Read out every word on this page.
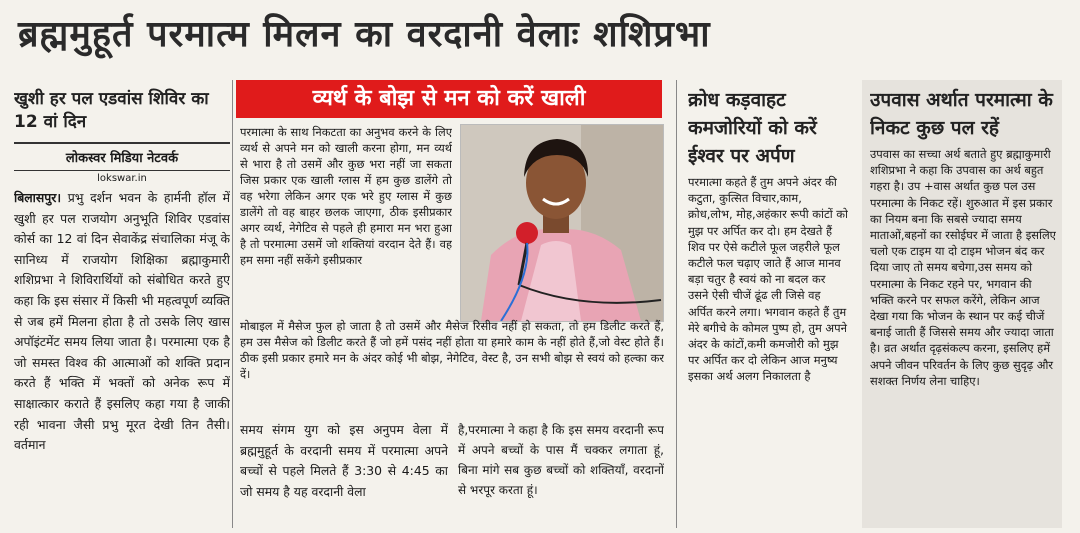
ब्रह्ममुहूर्त परमात्म मिलन का वरदानी वेलाः शशिप्रभा

खुशी हर पल एडवांस शिविर का 12 वां दिन

लोकस्वर मिडिया नेटवर्क

lokswar.in

बिलासपुर। प्रभु दर्शन भवन के हार्मनी हॉल में खुशी हर पल राजयोग अनुभूति शिविर एडवांस कोर्स का 12 वां दिन सेवाकेंद्र संचालिका मंजू के सानिध्य में राजयोग शिक्षिका ब्रह्माकुमारी शशिप्रभा ने शिविरार्थियों को संबोधित करते हुए कहा कि इस संसार में किसी भी महत्वपूर्ण व्यक्ति से जब हमें मिलना होता है तो उसके लिए खास अपॉइंटमेंट समय लिया जाता है। परमात्मा एक है जो समस्त विश्व की आत्माओं को शक्ति प्रदान करते हैं भक्ति में भक्तों को अनेक रूप में साक्षात्कार कराते हैं इसलिए कहा गया है जाकी रही भावना जैसी प्रभु मूरत देखी तिन तैसी। वर्तमान

व्यर्थ के बोझ से मन को करें खाली

परमात्मा के साथ निकटता का अनुभव करने के लिए व्यर्थ से अपने मन को खाली करना होगा, मन व्यर्थ से भारा है तो उसमें और कुछ भरा नहीं जा सकता जिस प्रकार एक खाली ग्लास में हम कुछ डालेंगे तो वह भरेगा लेकिन अगर एक भरे हुए ग्लास में कुछ डालेंगे तो वह बाहर छलक जाएगा, ठीक इसीप्रकार अगर व्यर्थ, नेगेटिव से पहले ही हमारा मन भरा हुआ है तो परमात्मा उसमें जो शक्तियां वरदान देते हैं। वह हम समा नहीं सकेंगे इसीप्रकार

मोबाइल में मैसेज फुल हो जाता है तो उसमें और मैसेज रिसीव नहीं हो सकता, तो हम डिलीट करते हैं, हम उस मैसेज को डिलीट करते हैं जो हमें पसंद नहीं होता या हमारे काम के नहीं होते हैं,जो वेस्ट होते हैं। ठीक इसी प्रकार हमारे मन के अंदर कोई भी बोझ, नेगेटिव, वेस्ट है, उन सभी बोझ से स्वयं को हल्का कर दें।

समय संगम युग को इस अनुपम वेला में ब्रह्ममुहूर्त के वरदानी समय में परमात्मा अपने बच्चों से पहले मिलते हैं 3:30 से 4:45 का जो समय है यह वरदानी वेला

है,परमात्मा ने कहा है कि इस समय वरदानी रूप में अपने बच्चों के पास मैं चक्कर लगाता हूं, बिना मांगे सब कुछ बच्चों को शक्तियाँ, वरदानों से भरपूर करता हूं।

क्रोध कड़वाहट कमजोरियों को करें ईश्वर पर अर्पण

परमात्मा कहते हैं तुम अपने अंदर की कटुता, कुत्सित विचार,काम, क्रोध,लोभ, मोह,अहंकार रूपी कांटों को मुझ पर अर्पित कर दो। हम देखते हैं शिव पर ऐसे कटीले फूल जहरीले फूल कटीले फल चढ़ाए जाते हैं आज मानव बड़ा चतुर है स्वयं को ना बदल कर उसने ऐसी चीजें ढूंढ ली जिसे वह अर्पित करने लगा। भगवान कहते हैं तुम मेरे बगीचे के कोमल पुष्प हो, तुम अपने अंदर के कांटों,कमी कमजोरी को मुझ पर अर्पित कर दो लेकिन आज मनुष्य इसका अर्थ अलग निकालता है

उपवास अर्थात परमात्मा के निकट कुछ पल रहें

उपवास का सच्चा अर्थ बताते हुए ब्रह्माकुमारी शशिप्रभा ने कहा कि उपवास का अर्थ बहुत गहरा है। उप +वास अर्थात कुछ पल उस परमात्मा के निकट रहें। शुरुआत में इस प्रकार का नियम बना कि सबसे ज्यादा समय माताओं,बहनों का रसोईघर में जाता है इसलिए चलो एक टाइम या दो टाइम भोजन बंद कर दिया जाए तो समय बचेगा,उस समय को परमात्मा के निकट रहने पर, भगवान की भक्ति करने पर सफल करेंगे, लेकिन आज देखा गया कि भोजन के स्थान पर कई चीजें बनाई जाती हैं जिससे समय और ज्यादा जाता है। व्रत अर्थात दृढ़संकल्प करना, इसलिए हमें अपने जीवन परिवर्तन के लिए कुछ सुदृढ़ और सशक्त निर्णय लेना चाहिए।
